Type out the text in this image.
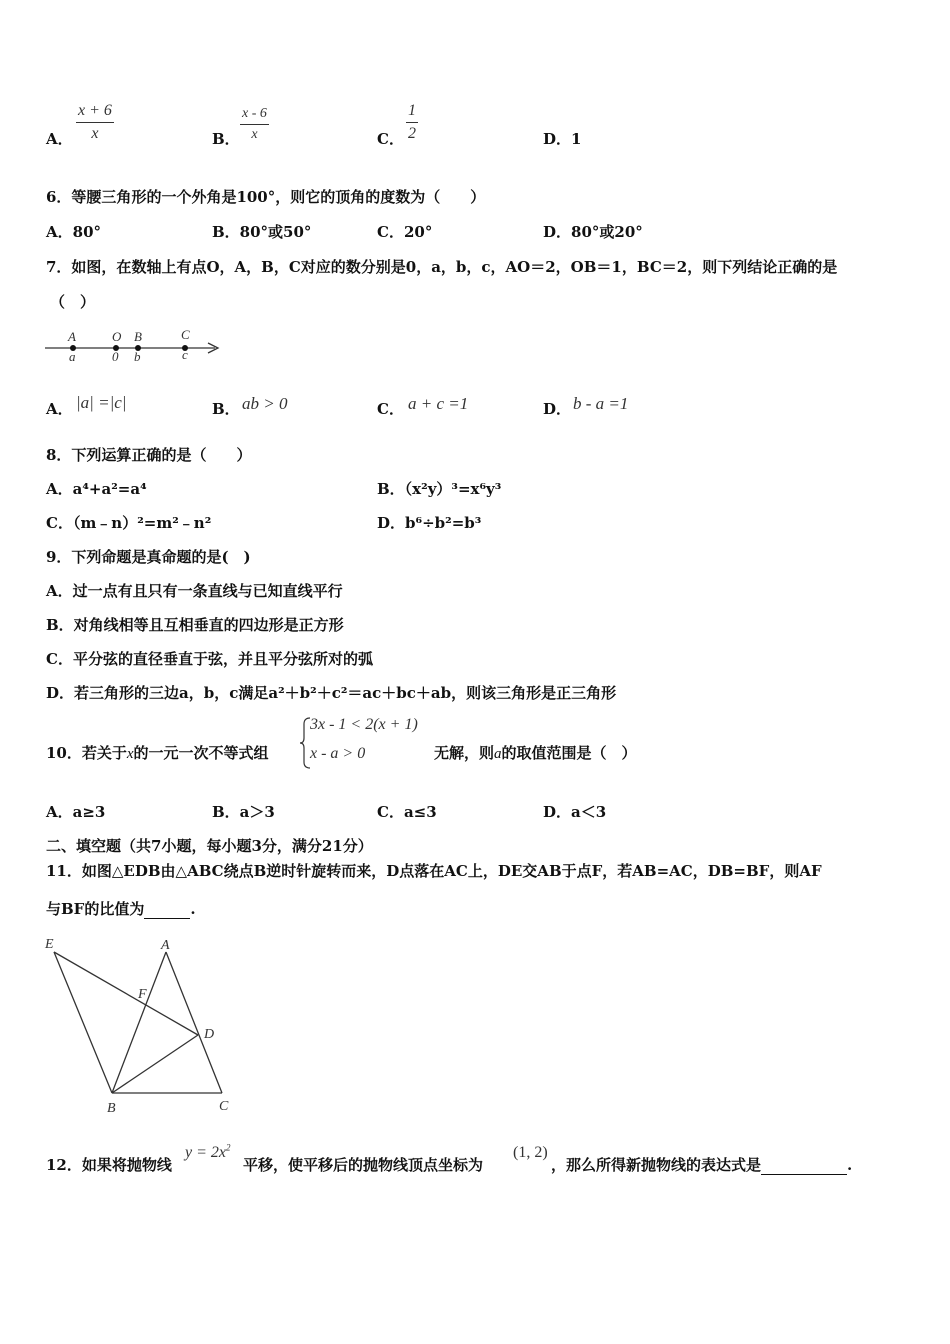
A． $\frac{x + 6}{x}$	B． $\frac{x - 6}{x}$	C． $\frac{1}{2}$	D．1
6．等腰三角形的一个外角是100°，则它的顶角的度数为（　　）
A．80°	B．80°或50°	C．20°	D．80°或20°
7．如图，在数轴上有点O，A，B，C对应的数分别是0，a，b，c，AO＝2，OB＝1，BC＝2，则下列结论正确的是
（　）
A	O B	C
a	0 b	c
A． |a| =|c|	B． ab > 0	C． a + c =1	D． b - a =1
8．下列运算正确的是（　　）
A．a⁴+a²=a⁴	B．（x²y）³=x⁶y³
C．（m﹣n）²=m²﹣n²	D．b⁶÷b²=b³
9．下列命题是真命题的是(　)
A．过一点有且只有一条直线与已知直线平行
B．对角线相等且互相垂直的四边形是正方形
C．平分弦的直径垂直于弦，并且平分弦所对的弧
D．若三角形的三边a，b，c满足a²＋b²＋c²＝ac＋bc＋ab，则该三角形是正三角形
10．若关于x的一元一次不等式组
3x - 1 < 2(x + 1)
x - a > 0	无解，则a的取值范围是（　）
A．a≥3	B．a＞3	C．a≤3	D．a＜3
二、填空题（共7小题，每小题3分，满分21分）
11．如图△EDB由△ABC绕点B逆时针旋转而来，D点落在AC上，DE交AB于点F，若AB=AC，DB=BF，则AF
与BF的比值为	.
E	A
F
D
B	C
12．如果将抛物线
$y = 2x^2$
平移，使平移后的抛物线顶点坐标为
(1, 2)
，那么所得新抛物线的表达式是	.
